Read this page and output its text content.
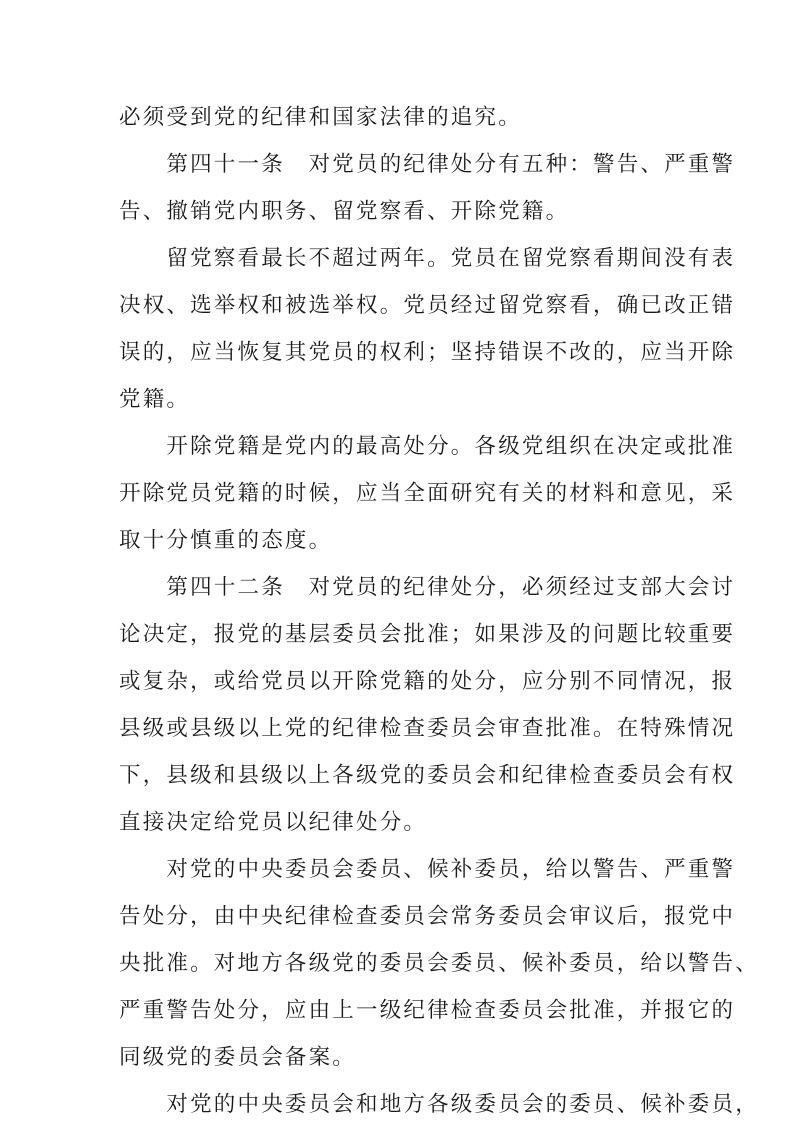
必须受到党的纪律和国家法律的追究。
　　第四十一条　对党员的纪律处分有五种：警告、严重警
告、撤销党内职务、留党察看、开除党籍。
　　留党察看最长不超过两年。党员在留党察看期间没有表
决权、选举权和被选举权。党员经过留党察看，确已改正错
误的，应当恢复其党员的权利；坚持错误不改的，应当开除
党籍。
　　开除党籍是党内的最高处分。各级党组织在决定或批准
开除党员党籍的时候，应当全面研究有关的材料和意见，采
取十分慎重的态度。
　　第四十二条　对党员的纪律处分，必须经过支部大会讨
论决定，报党的基层委员会批准；如果涉及的问题比较重要
或复杂，或给党员以开除党籍的处分，应分别不同情况，报
县级或县级以上党的纪律检查委员会审查批准。在特殊情况
下，县级和县级以上各级党的委员会和纪律检查委员会有权
直接决定给党员以纪律处分。
　　对党的中央委员会委员、候补委员，给以警告、严重警
告处分，由中央纪律检查委员会常务委员会审议后，报党中
央批准。对地方各级党的委员会委员、候补委员，给以警告、
严重警告处分，应由上一级纪律检查委员会批准，并报它的
同级党的委员会备案。
　　对党的中央委员会和地方各级委员会的委员、候补委员，
